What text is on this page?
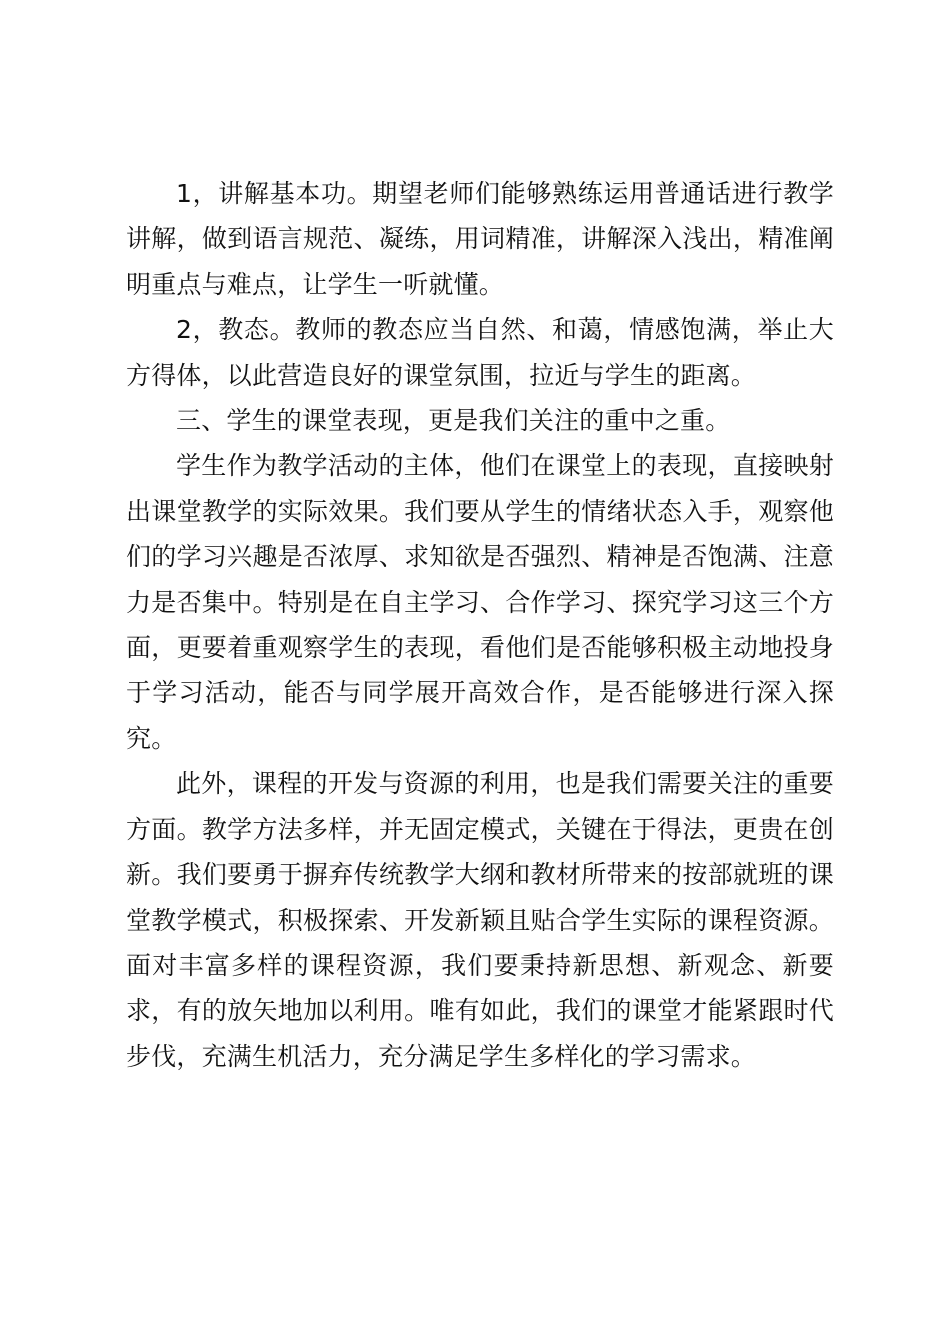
1，讲解基本功。期望老师们能够熟练运用普通话进行教学讲解，做到语言规范、凝练，用词精准，讲解深入浅出，精准阐明重点与难点，让学生一听就懂。

2，教态。教师的教态应当自然、和蔼，情感饱满，举止大方得体，以此营造良好的课堂氛围，拉近与学生的距离。

三、学生的课堂表现，更是我们关注的重中之重。

学生作为教学活动的主体，他们在课堂上的表现，直接映射出课堂教学的实际效果。我们要从学生的情绪状态入手，观察他们的学习兴趣是否浓厚、求知欲是否强烈、精神是否饱满、注意力是否集中。特别是在自主学习、合作学习、探究学习这三个方面，更要着重观察学生的表现，看他们是否能够积极主动地投身于学习活动，能否与同学展开高效合作，是否能够进行深入探究。

此外，课程的开发与资源的利用，也是我们需要关注的重要方面。教学方法多样，并无固定模式，关键在于得法，更贵在创新。我们要勇于摒弃传统教学大纲和教材所带来的按部就班的课堂教学模式，积极探索、开发新颖且贴合学生实际的课程资源。面对丰富多样的课程资源，我们要秉持新思想、新观念、新要求，有的放矢地加以利用。唯有如此，我们的课堂才能紧跟时代步伐，充满生机活力，充分满足学生多样化的学习需求。
